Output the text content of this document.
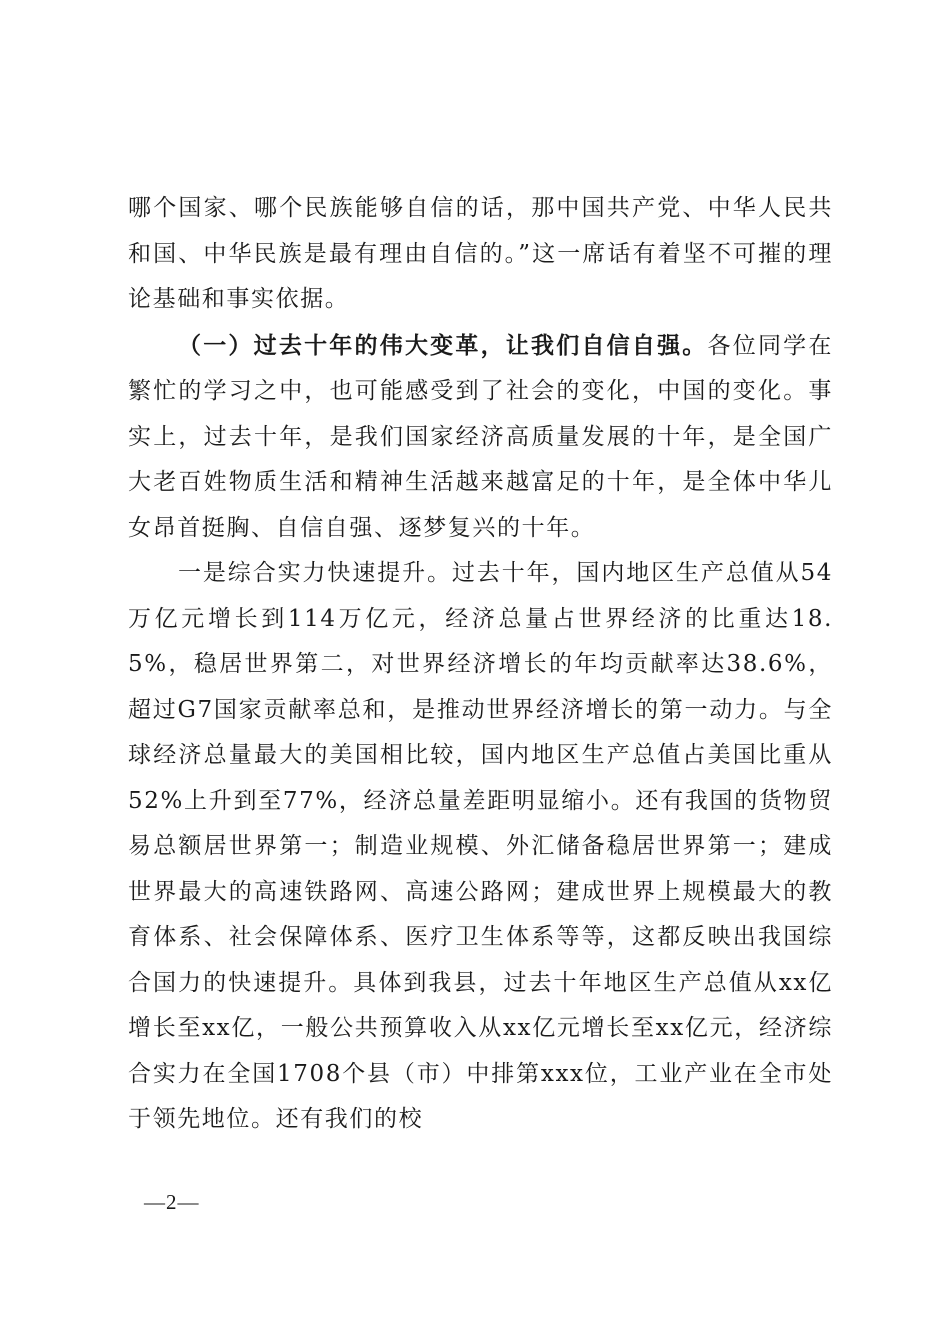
哪个国家、哪个民族能够自信的话，那中国共产党、中华人民共和国、中华民族是最有理由自信的。”这一席话有着坚不可摧的理论基础和事实依据。

（一）过去十年的伟大变革，让我们自信自强。各位同学在繁忙的学习之中，也可能感受到了社会的变化，中国的变化。事实上，过去十年，是我们国家经济高质量发展的十年，是全国广大老百姓物质生活和精神生活越来越富足的十年，是全体中华儿女昂首挺胸、自信自强、逐梦复兴的十年。

一是综合实力快速提升。过去十年，国内地区生产总值从54万亿元增长到114万亿元，经济总量占世界经济的比重达18.5%，稳居世界第二，对世界经济增长的年均贡献率达38.6%，超过G7国家贡献率总和，是推动世界经济增长的第一动力。与全球经济总量最大的美国相比较，国内地区生产总值占美国比重从52%上升到至77%，经济总量差距明显缩小。还有我国的货物贸易总额居世界第一；制造业规模、外汇储备稳居世界第一；建成世界最大的高速铁路网、高速公路网；建成世界上规模最大的教育体系、社会保障体系、医疗卫生体系等等，这都反映出我国综合国力的快速提升。具体到我县，过去十年地区生产总值从xx亿增长至xx亿，一般公共预算收入从xx亿元增长至xx亿元，经济综合实力在全国1708个县（市）中排第xxx位，工业产业在全市处于领先地位。还有我们的校

—2—
